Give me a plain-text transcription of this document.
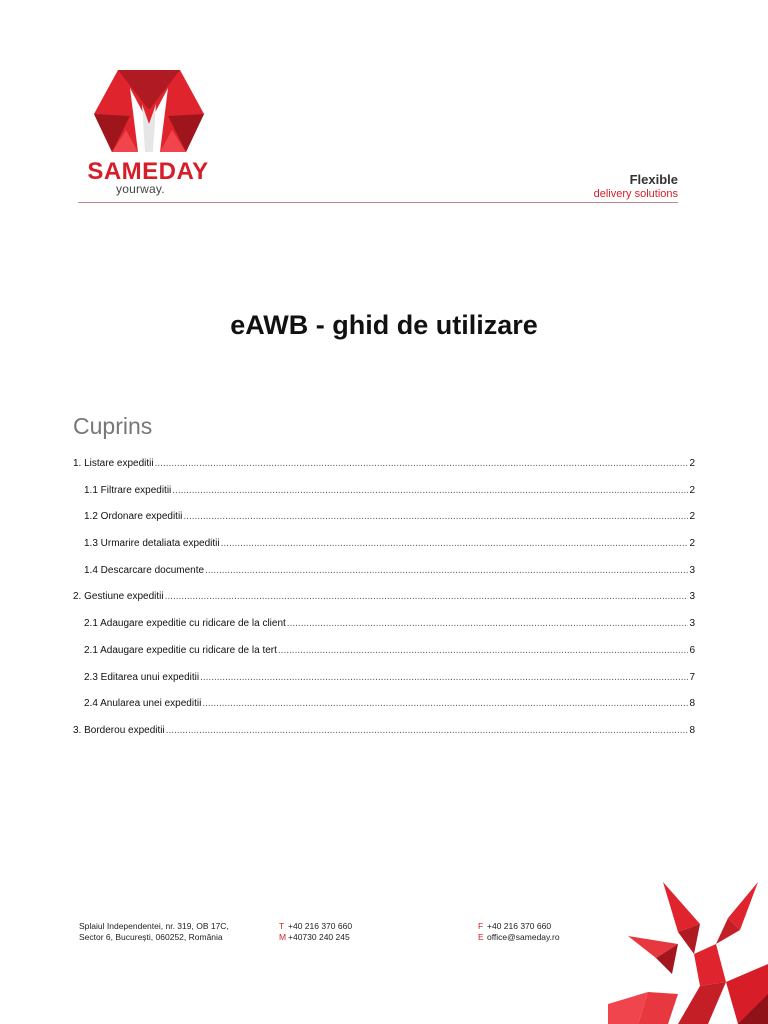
SAMEDAY
yourway.
Flexible
delivery solutions
eAWB - ghid de utilizare
Cuprins
1. Listare expeditii .....	2
1.1 Filtrare expeditii .....	2
1.2 Ordonare expeditii .....	2
1.3 Urmarire detaliata expeditii .....	2
1.4 Descarcare documente .....	3
2. Gestiune expeditii .....	3
2.1 Adaugare expeditie cu ridicare de la client .....	3
2.1 Adaugare expeditie cu ridicare de la tert .....	6
2.3 Editarea unui expeditii .....	7
2.4 Anularea unei expeditii .....	8
3. Borderou expeditii .....	8
Splaiul Independentei, nr. 319, OB 17C,
Sector 6, București, 060252, România
T +40 216 370 660
M +40730 240 245
F +40 216 370 660
E office@sameday.ro
